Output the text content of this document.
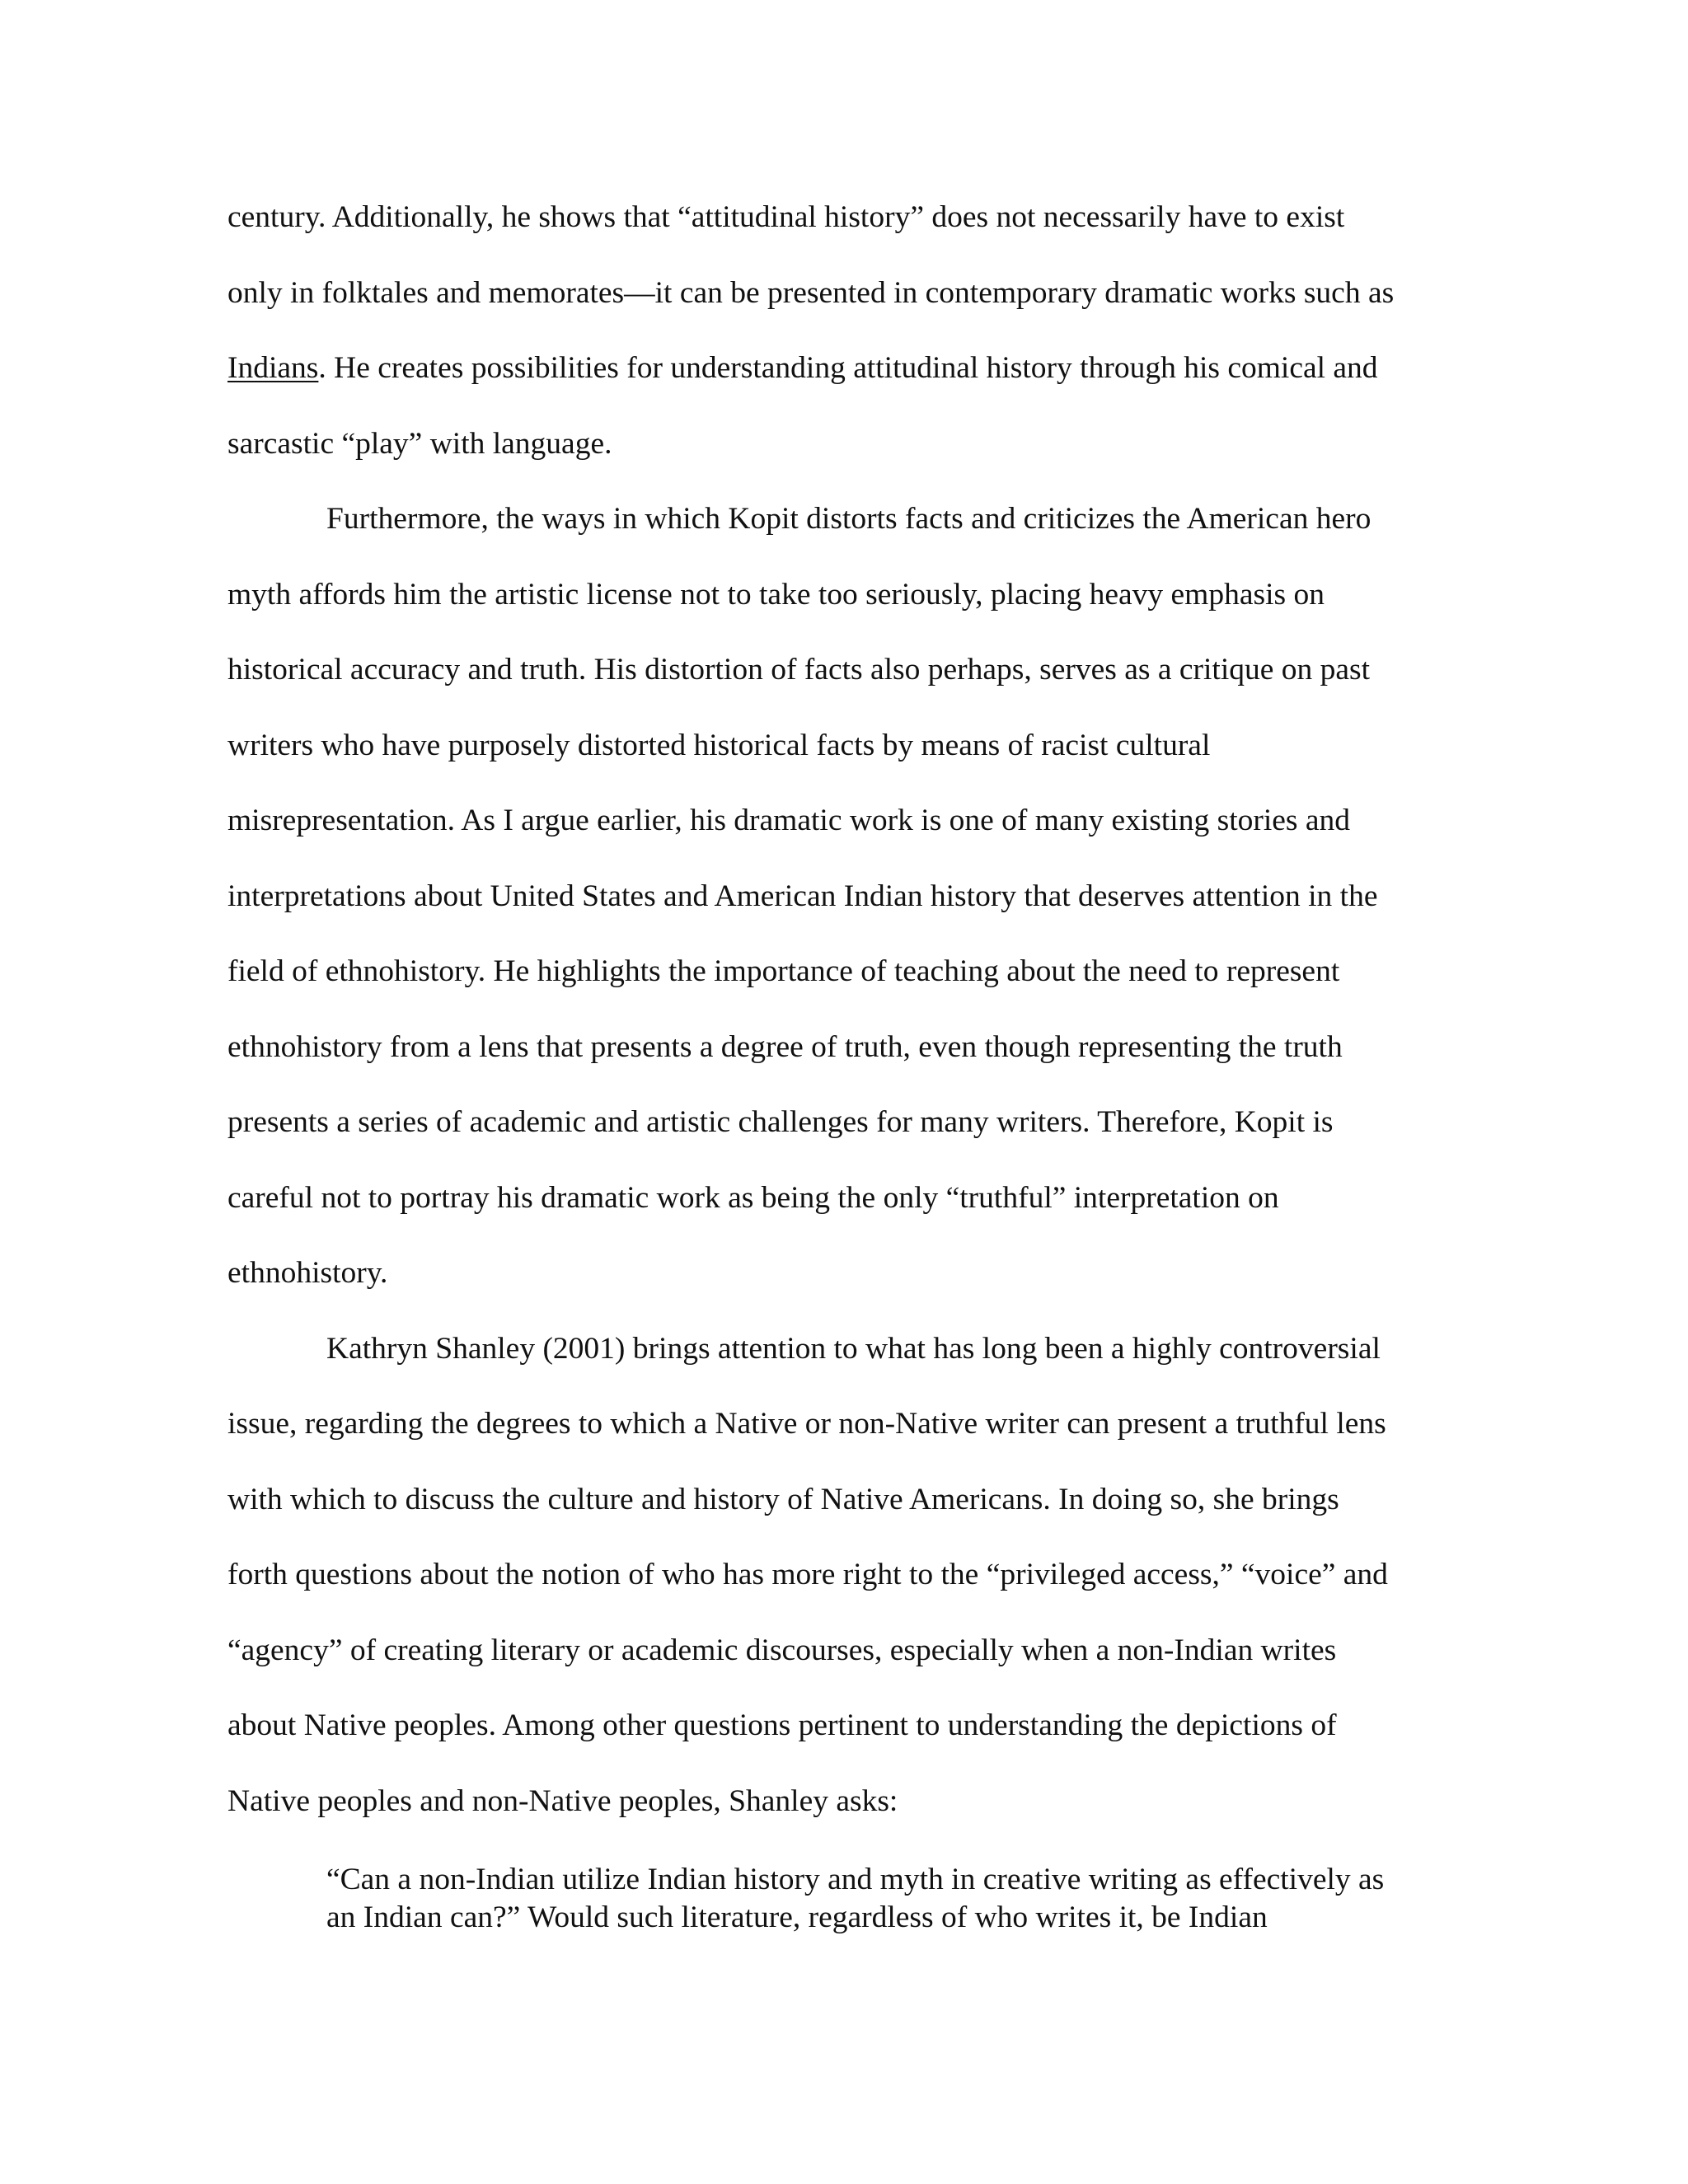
century. Additionally, he shows that “attitudinal history” does not necessarily have to exist
only in folktales and memorates—it can be presented in contemporary dramatic works such as
Indians. He creates possibilities for understanding attitudinal history through his comical and
sarcastic “play” with language.
Furthermore, the ways in which Kopit distorts facts and criticizes the American hero
myth affords him the artistic license not to take too seriously, placing heavy emphasis on
historical accuracy and truth. His distortion of facts also perhaps, serves as a critique on past
writers who have purposely distorted historical facts by means of racist cultural
misrepresentation. As I argue earlier, his dramatic work is one of many existing stories and
interpretations about United States and American Indian history that deserves attention in the
field of ethnohistory. He highlights the importance of teaching about the need to represent
ethnohistory from a lens that presents a degree of truth, even though representing the truth
presents a series of academic and artistic challenges for many writers. Therefore, Kopit is
careful not to portray his dramatic work as being the only “truthful” interpretation on
ethnohistory.
Kathryn Shanley (2001) brings attention to what has long been a highly controversial
issue, regarding the degrees to which a Native or non-Native writer can present a truthful lens
with which to discuss the culture and history of Native Americans. In doing so, she brings
forth questions about the notion of who has more right to the “privileged access,” “voice” and
“agency” of creating literary or academic discourses, especially when a non-Indian writes
about Native peoples. Among other questions pertinent to understanding the depictions of
Native peoples and non-Native peoples, Shanley asks:
“Can a non-Indian utilize Indian history and myth in creative writing as effectively as
an Indian can?” Would such literature, regardless of who writes it, be Indian
